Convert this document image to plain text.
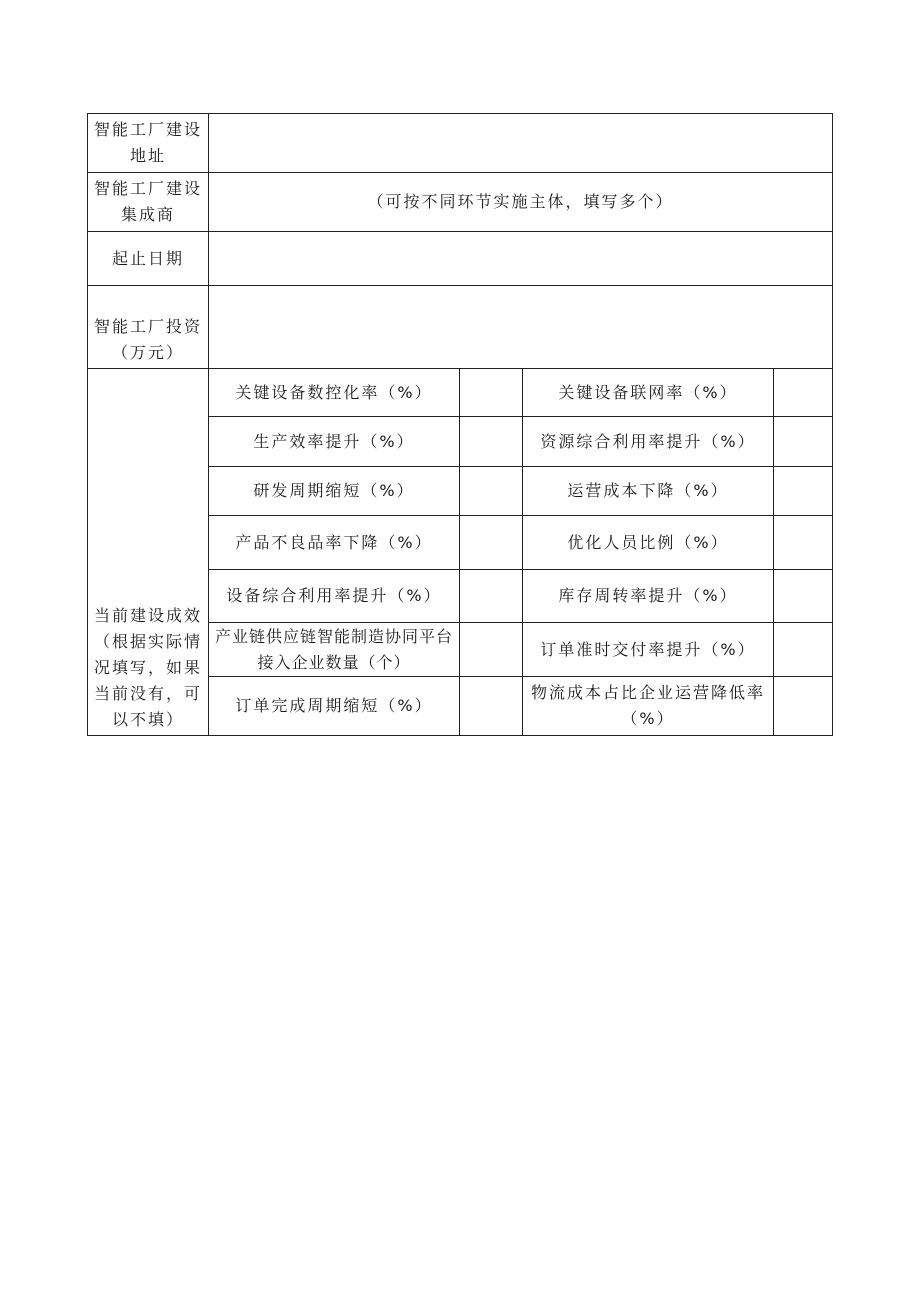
智能工厂建设地址				
智能工厂建设集成商	（可按不同环节实施主体，填写多个）			
起止日期				
智能工厂投资（万元）				
当前建设成效（根据实际情况填写，如果当前没有，可以不填）	关键设备数控化率（%）		关键设备联网率（%）	
	生产效率提升（%）		资源综合利用率提升（%）	
	研发周期缩短（%）		运营成本下降（%）	
	产品不良品率下降（%）		优化人员比例（%）	
	设备综合利用率提升（%）		库存周转率提升（%）	
	产业链供应链智能制造协同平台接入企业数量（个）		订单准时交付率提升（%）	
	订单完成周期缩短（%）		物流成本占比企业运营降低率（%）	
